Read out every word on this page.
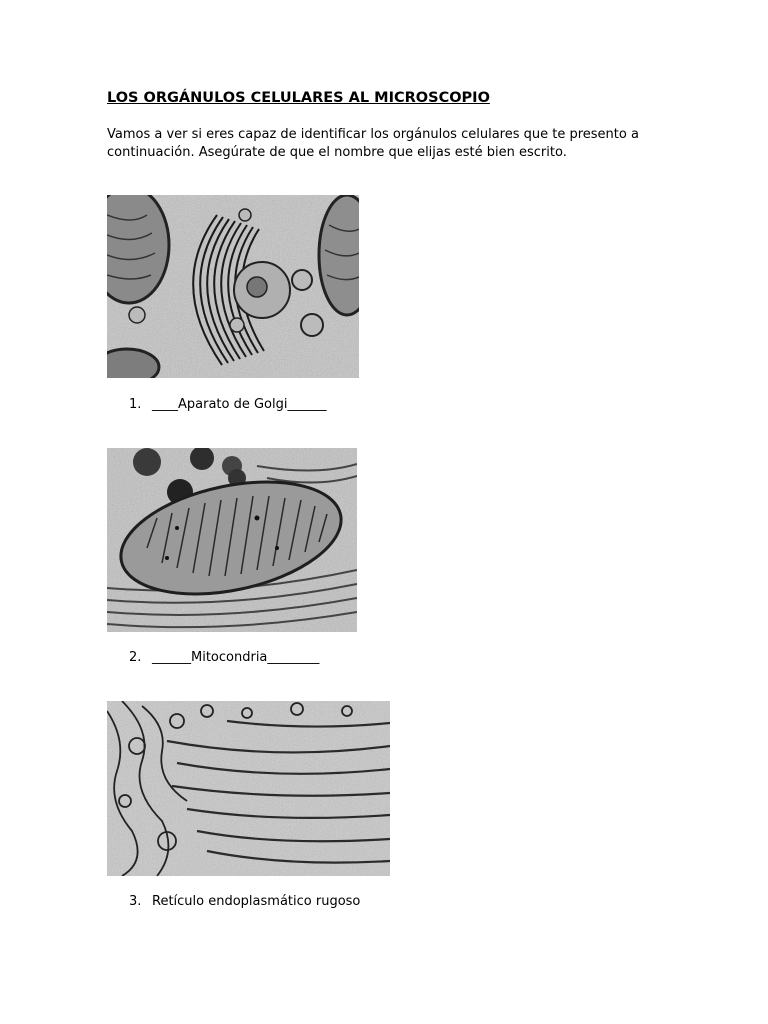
LOS ORGÁNULOS CELULARES AL MICROSCOPIO
Vamos a ver si eres capaz de identificar los orgánulos celulares que te presento a continuación. Asegúrate de que el nombre que elijas esté bien escrito.
1. ____Aparato de Golgi______
2. ______Mitocondria________
3. Retículo endoplasmático rugoso
